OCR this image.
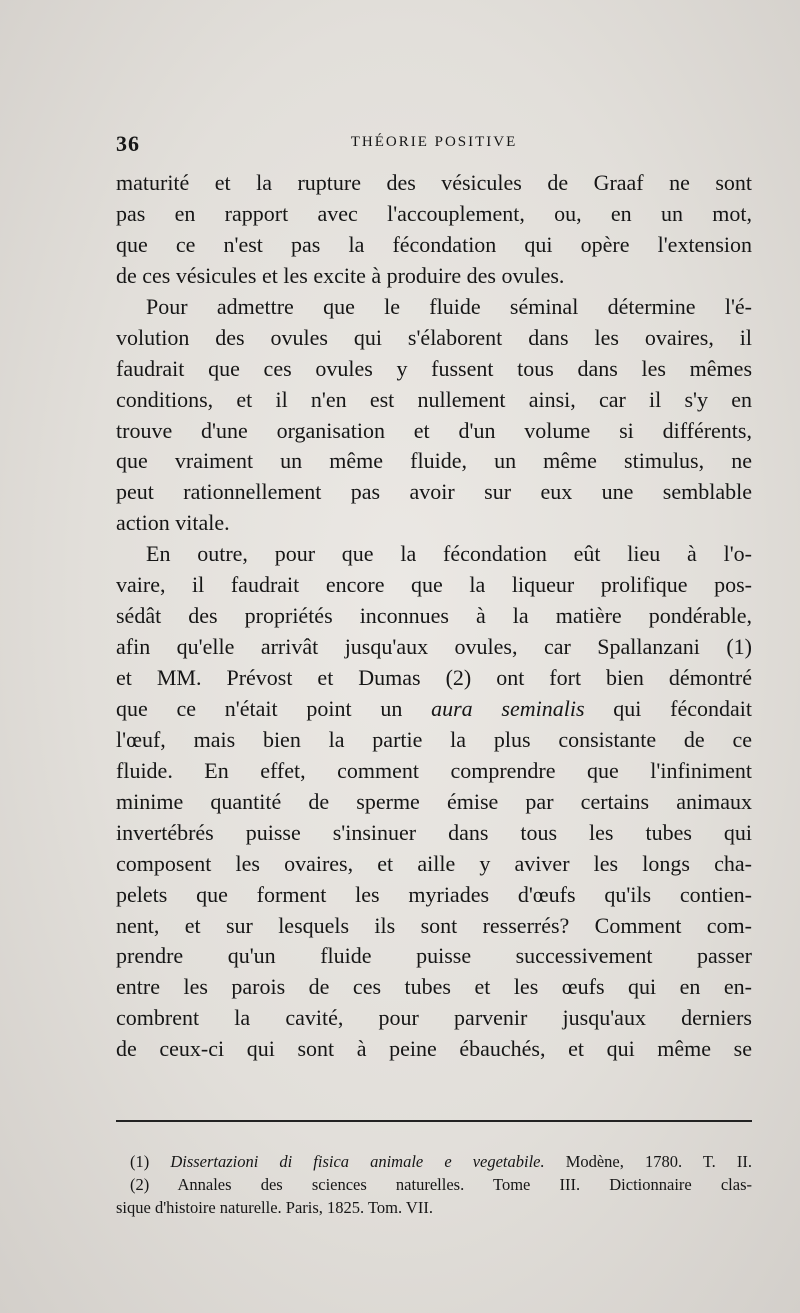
36	THÉORIE POSITIVE
maturité et la rupture des vésicules de Graaf ne sont
pas en rapport avec l'accouplement, ou, en un mot,
que ce n'est pas la fécondation qui opère l'extension
de ces vésicules et les excite à produire des ovules.
Pour admettre que le fluide séminal détermine l'é-
volution des ovules qui s'élaborent dans les ovaires, il
faudrait que ces ovules y fussent tous dans les mêmes
conditions, et il n'en est nullement ainsi, car il s'y en
trouve d'une organisation et d'un volume si différents,
que vraiment un même fluide, un même stimulus, ne
peut rationnellement pas avoir sur eux une semblable
action vitale.
En outre, pour que la fécondation eût lieu à l'o-
vaire, il faudrait encore que la liqueur prolifique pos-
sédât des propriétés inconnues à la matière pondérable,
afin qu'elle arrivât jusqu'aux ovules, car Spallanzani (1)
et MM. Prévost et Dumas (2) ont fort bien démontré
que ce n'était point un aura seminalis qui fécondait
l'œuf, mais bien la partie la plus consistante de ce
fluide. En effet, comment comprendre que l'infiniment
minime quantité de sperme émise par certains animaux
invertébrés puisse s'insinuer dans tous les tubes qui
composent les ovaires, et aille y aviver les longs cha-
pelets que forment les myriades d'œufs qu'ils contien-
nent, et sur lesquels ils sont resserrés? Comment com-
prendre qu'un fluide puisse successivement passer
entre les parois de ces tubes et les œufs qui en en-
combrent la cavité, pour parvenir jusqu'aux derniers
de ceux-ci qui sont à peine ébauchés, et qui même se
(1) Dissertazioni di fisica animale e vegetabile. Modène, 1780. T. II.
(2) Annales des sciences naturelles. Tome III. Dictionnaire clas-
sique d'histoire naturelle. Paris, 1825. Tom. VII.
